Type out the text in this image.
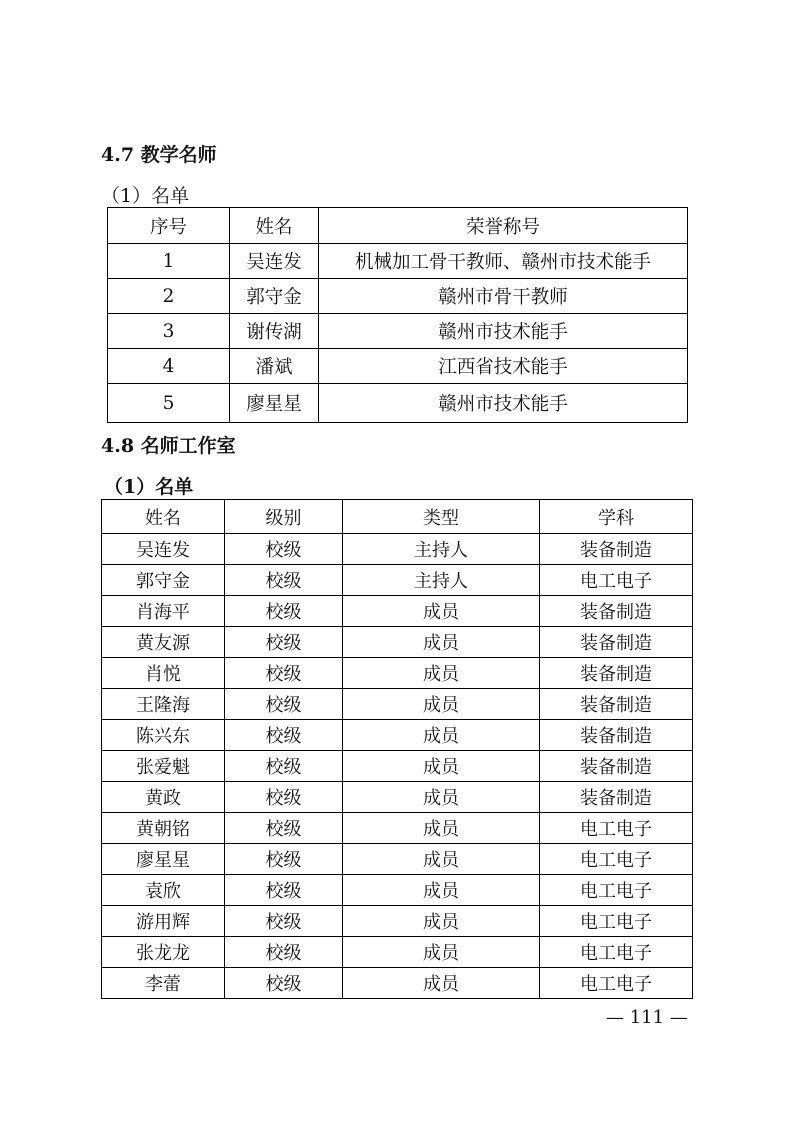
4.7 教学名师
（1）名单
序号	姓名	荣誉称号
1	吴连发	机械加工骨干教师、赣州市技术能手
2	郭守金	赣州市骨干教师
3	谢传湖	赣州市技术能手
4	潘斌	江西省技术能手
5	廖星星	赣州市技术能手
4.8 名师工作室
（1）名单
姓名	级别	类型	学科
吴连发	校级	主持人	装备制造
郭守金	校级	主持人	电工电子
肖海平	校级	成员	装备制造
黄友源	校级	成员	装备制造
肖悦	校级	成员	装备制造
王隆海	校级	成员	装备制造
陈兴东	校级	成员	装备制造
张爱魁	校级	成员	装备制造
黄政	校级	成员	装备制造
黄朝铭	校级	成员	电工电子
廖星星	校级	成员	电工电子
袁欣	校级	成员	电工电子
游用辉	校级	成员	电工电子
张龙龙	校级	成员	电工电子
李蕾	校级	成员	电工电子
— 111 —
